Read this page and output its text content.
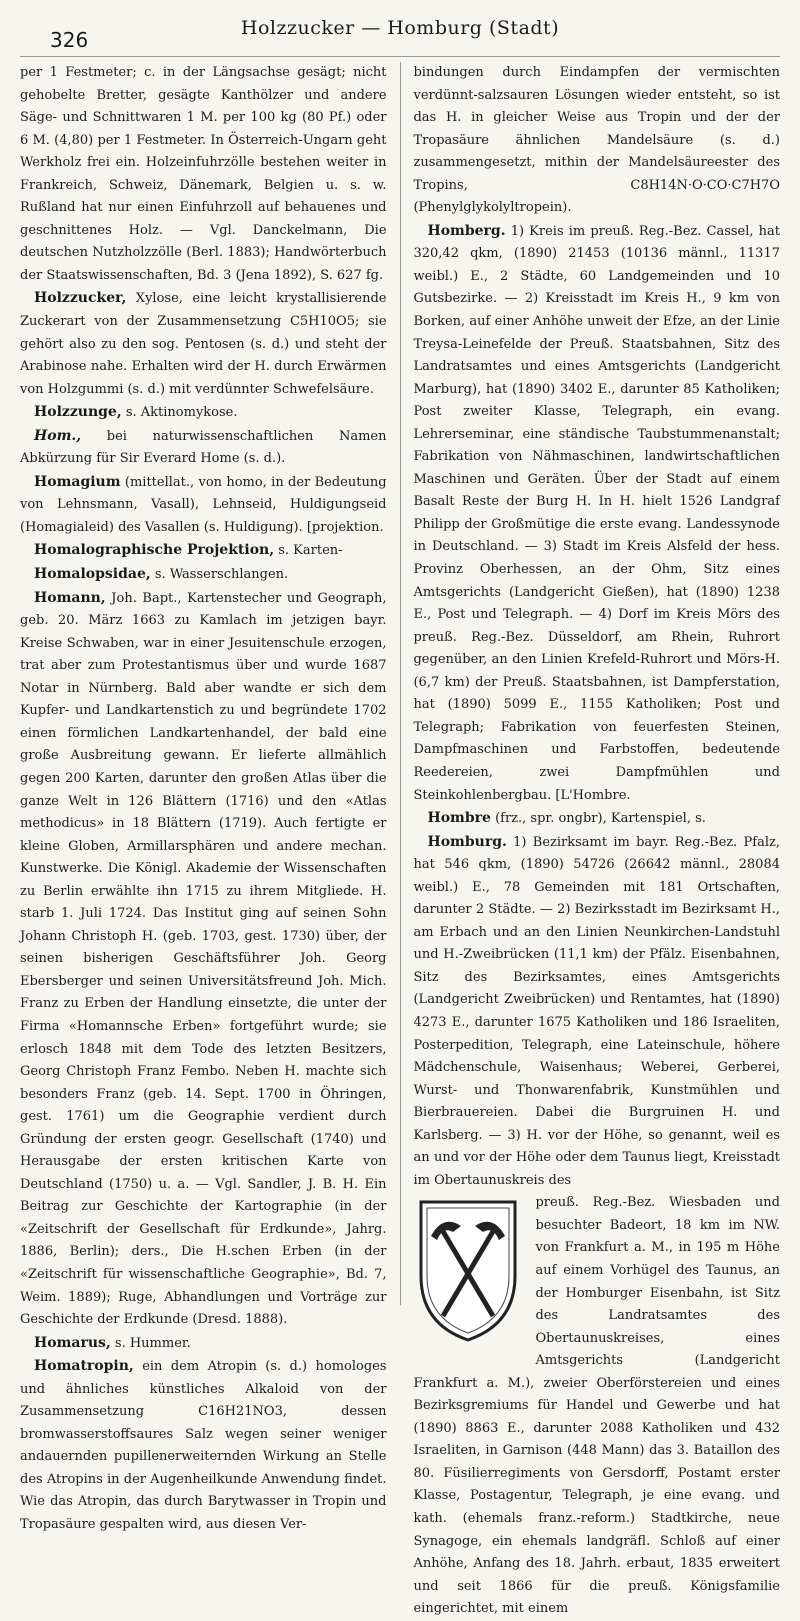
326	Holzzucker — Homburg (Stadt)

per 1 Festmeter; c. in der Längsachse gesägt; nicht gehobelte Bretter, gesägte Kanthölzer und andere Säge- und Schnittwaren 1 M. per 100 kg (80 Pf.) oder 6 M. (4,80) per 1 Festmeter. In Österreich-Ungarn geht Werkholz frei ein. Holzeinfuhrzölle bestehen weiter in Frankreich, Schweiz, Dänemark, Belgien u. s. w. Rußland hat nur einen Einfuhrzoll auf behauenes und geschnittenes Holz. — Vgl. Danckelmann, Die deutschen Nutzholzzölle (Berl. 1883); Handwörterbuch der Staatswissenschaften, Bd. 3 (Jena 1892), S. 627 fg.

Holzzucker, Xylose, eine leicht krystallisierende Zuckerart von der Zusammensetzung C5H10O5; sie gehört also zu den sog. Pentosen (s. d.) und steht der Arabinose nahe. Erhalten wird der H. durch Erwärmen von Holzgummi (s. d.) mit verdünnter Schwefelsäure.

Holzzunge, s. Aktinomykose.

Hom., bei naturwissenschaftlichen Namen Abkürzung für Sir Everard Home (s. d.).

Homagium (mittellat., von homo, in der Bedeutung von Lehnsmann, Vasall), Lehnseid, Huldigungseid (Homagialeid) des Vasallen (s. Huldigung). [projektion.

Homalographische Projektion, s. Karten-

Homalopsidae, s. Wasserschlangen.

Homann, Joh. Bapt., Kartenstecher und Geograph, geb. 20. März 1663 zu Kamlach im jetzigen bayr. Kreise Schwaben, war in einer Jesuitenschule erzogen, trat aber zum Protestantismus über und wurde 1687 Notar in Nürnberg. Bald aber wandte er sich dem Kupfer- und Landkartenstich zu und begründete 1702 einen förmlichen Landkartenhandel, der bald eine große Ausbreitung gewann. Er lieferte allmählich gegen 200 Karten, darunter den großen Atlas über die ganze Welt in 126 Blättern (1716) und den «Atlas methodicus» in 18 Blättern (1719). Auch fertigte er kleine Globen, Armillarsphären und andere mechan. Kunstwerke. Die Königl. Akademie der Wissenschaften zu Berlin erwählte ihn 1715 zu ihrem Mitgliede. H. starb 1. Juli 1724. Das Institut ging auf seinen Sohn Johann Christoph H. (geb. 1703, gest. 1730) über, der seinen bisherigen Geschäftsführer Joh. Georg Ebersberger und seinen Universitätsfreund Joh. Mich. Franz zu Erben der Handlung einsetzte, die unter der Firma «Homannsche Erben» fortgeführt wurde; sie erlosch 1848 mit dem Tode des letzten Besitzers, Georg Christoph Franz Fembo. Neben H. machte sich besonders Franz (geb. 14. Sept. 1700 in Öhringen, gest. 1761) um die Geographie verdient durch Gründung der ersten geogr. Gesellschaft (1740) und Herausgabe der ersten kritischen Karte von Deutschland (1750) u. a. — Vgl. Sandler, J. B. H. Ein Beitrag zur Geschichte der Kartographie (in der «Zeitschrift der Gesellschaft für Erdkunde», Jahrg. 1886, Berlin); ders., Die H.schen Erben (in der «Zeitschrift für wissenschaftliche Geographie», Bd. 7, Weim. 1889); Ruge, Abhandlungen und Vorträge zur Geschichte der Erdkunde (Dresd. 1888).

Homarus, s. Hummer.

Homatropin, ein dem Atropin (s. d.) homologes und ähnliches künstliches Alkaloid von der Zusammensetzung C16H21NO3, dessen bromwasserstoffsaures Salz wegen seiner weniger andauernden pupillenerweiternden Wirkung an Stelle des Atropins in der Augenheilkunde Anwendung findet. Wie das Atropin, das durch Barytwasser in Tropin und Tropasäure gespalten wird, aus diesen Ver-

bindungen durch Eindampfen der vermischten verdünnt-salzsauren Lösungen wieder entsteht, so ist das H. in gleicher Weise aus Tropin und der der Tropasäure ähnlichen Mandelsäure (s. d.) zusammengesetzt, mithin der Mandelsäureester des Tropins, C8H14N·O·CO·C7H7O (Phenylglykolyltropein).

Homberg. 1) Kreis im preuß. Reg.-Bez. Cassel, hat 320,42 qkm, (1890) 21453 (10136 männl., 11317 weibl.) E., 2 Städte, 60 Landgemeinden und 10 Gutsbezirke. — 2) Kreisstadt im Kreis H., 9 km von Borken, auf einer Anhöhe unweit der Efze, an der Linie Treysa-Leinefelde der Preuß. Staatsbahnen, Sitz des Landratsamtes und eines Amtsgerichts (Landgericht Marburg), hat (1890) 3402 E., darunter 85 Katholiken; Post zweiter Klasse, Telegraph, ein evang. Lehrerseminar, eine ständische Taubstummenanstalt; Fabrikation von Nähmaschinen, landwirtschaftlichen Maschinen und Geräten. Über der Stadt auf einem Basalt Reste der Burg H. In H. hielt 1526 Landgraf Philipp der Großmütige die erste evang. Landessynode in Deutschland. — 3) Stadt im Kreis Alsfeld der hess. Provinz Oberhessen, an der Ohm, Sitz eines Amtsgerichts (Landgericht Gießen), hat (1890) 1238 E., Post und Telegraph. — 4) Dorf im Kreis Mörs des preuß. Reg.-Bez. Düsseldorf, am Rhein, Ruhrort gegenüber, an den Linien Krefeld-Ruhrort und Mörs-H. (6,7 km) der Preuß. Staatsbahnen, ist Dampferstation, hat (1890) 5099 E., 1155 Katholiken; Post und Telegraph; Fabrikation von feuerfesten Steinen, Dampfmaschinen und Farbstoffen, bedeutende Reedereien, zwei Dampfmühlen und Steinkohlenbergbau. [L'Hombre.

Hombre (frz., spr. ongbr), Kartenspiel, s.

Homburg. 1) Bezirksamt im bayr. Reg.-Bez. Pfalz, hat 546 qkm, (1890) 54726 (26642 männl., 28084 weibl.) E., 78 Gemeinden mit 181 Ortschaften, darunter 2 Städte. — 2) Bezirksstadt im Bezirksamt H., am Erbach und an den Linien Neunkirchen-Landstuhl und H.-Zweibrücken (11,1 km) der Pfälz. Eisenbahnen, Sitz des Bezirksamtes, eines Amtsgerichts (Landgericht Zweibrücken) und Rentamtes, hat (1890) 4273 E., darunter 1675 Katholiken und 186 Israeliten, Posterpedition, Telegraph, eine Lateinschule, höhere Mädchenschule, Waisenhaus; Weberei, Gerberei, Wurst- und Thonwarenfabrik, Kunstmühlen und Bierbrauereien. Dabei die Burgruinen H. und Karlsberg. — 3) H. vor der Höhe, so genannt, weil es an und vor der Höhe oder dem Taunus liegt, Kreisstadt im Obertaunuskreis des

preuß. Reg.-Bez. Wiesbaden und besuchter Badeort, 18 km im NW. von Frankfurt a. M., in 195 m Höhe auf einem Vorhügel des Taunus, an der Homburger Eisenbahn, ist Sitz des Landratsamtes des Obertaunuskreises, eines Amtsgerichts (Landgericht Frankfurt a. M.), zweier Oberförstereien und eines Bezirksgremiums für Handel und Gewerbe und hat (1890) 8863 E., darunter 2088 Katholiken und 432 Israeliten, in Garnison (448 Mann) das 3. Bataillon des 80. Füsilierregiments von Gersdorff, Postamt erster Klasse, Postagentur, Telegraph, je eine evang. und kath. (ehemals franz.-reform.) Stadtkirche, neue Synagoge, ein ehemals landgräfl. Schloß auf einer Anhöhe, Anfang des 18. Jahrh. erbaut, 1835 erweitert und seit 1866 für die preuß. Königsfamilie eingerichtet, mit einem
